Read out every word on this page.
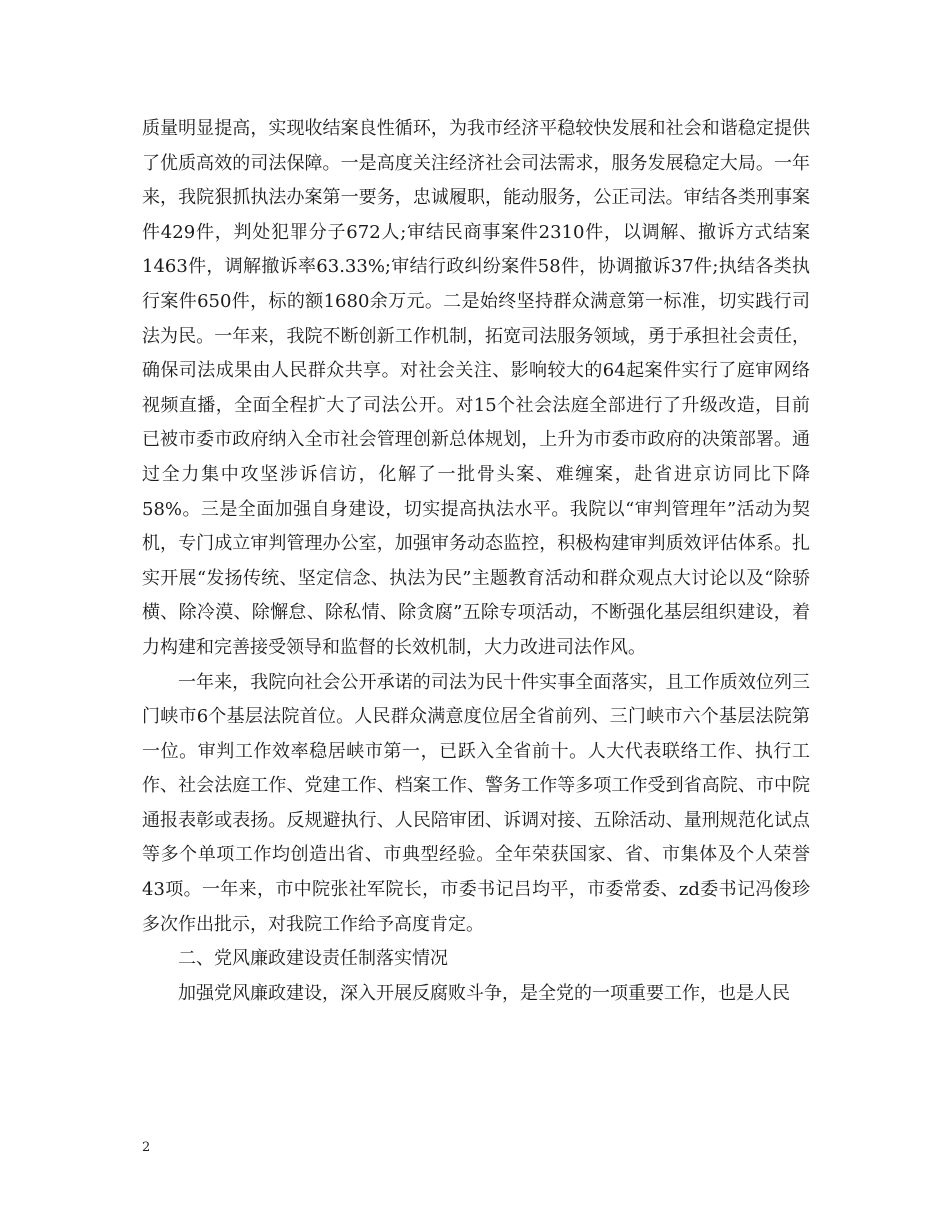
质量明显提高，实现收结案良性循环，为我市经济平稳较快发展和社会和谐稳定提供了优质高效的司法保障。一是高度关注经济社会司法需求，服务发展稳定大局。一年来，我院狠抓执法办案第一要务，忠诚履职，能动服务，公正司法。审结各类刑事案件429件，判处犯罪分子672人;审结民商事案件2310件，以调解、撤诉方式结案1463件，调解撤诉率63.33%;审结行政纠纷案件58件，协调撤诉37件;执结各类执行案件650件，标的额1680余万元。二是始终坚持群众满意第一标准，切实践行司法为民。一年来，我院不断创新工作机制，拓宽司法服务领域，勇于承担社会责任，确保司法成果由人民群众共享。对社会关注、影响较大的64起案件实行了庭审网络视频直播，全面全程扩大了司法公开。对15个社会法庭全部进行了升级改造，目前已被市委市政府纳入全市社会管理创新总体规划，上升为市委市政府的决策部署。通过全力集中攻坚涉诉信访，化解了一批骨头案、难缠案，赴省进京访同比下降58%。三是全面加强自身建设，切实提高执法水平。我院以“审判管理年”活动为契机，专门成立审判管理办公室，加强审务动态监控，积极构建审判质效评估体系。扎实开展“发扬传统、坚定信念、执法为民”主题教育活动和群众观点大讨论以及“除骄横、除冷漠、除懈怠、除私情、除贪腐”五除专项活动，不断强化基层组织建设，着力构建和完善接受领导和监督的长效机制，大力改进司法作风。

一年来，我院向社会公开承诺的司法为民十件实事全面落实，且工作质效位列三门峡市6个基层法院首位。人民群众满意度位居全省前列、三门峡市六个基层法院第一位。审判工作效率稳居峡市第一，已跃入全省前十。人大代表联络工作、执行工作、社会法庭工作、党建工作、档案工作、警务工作等多项工作受到省高院、市中院通报表彰或表扬。反规避执行、人民陪审团、诉调对接、五除活动、量刑规范化试点等多个单项工作均创造出省、市典型经验。全年荣获国家、省、市集体及个人荣誉43项。一年来，市中院张社军院长，市委书记吕均平，市委常委、zd委书记冯俊珍多次作出批示，对我院工作给予高度肯定。

二、党风廉政建设责任制落实情况

加强党风廉政建设，深入开展反腐败斗争，是全党的一项重要工作，也是人民

2
